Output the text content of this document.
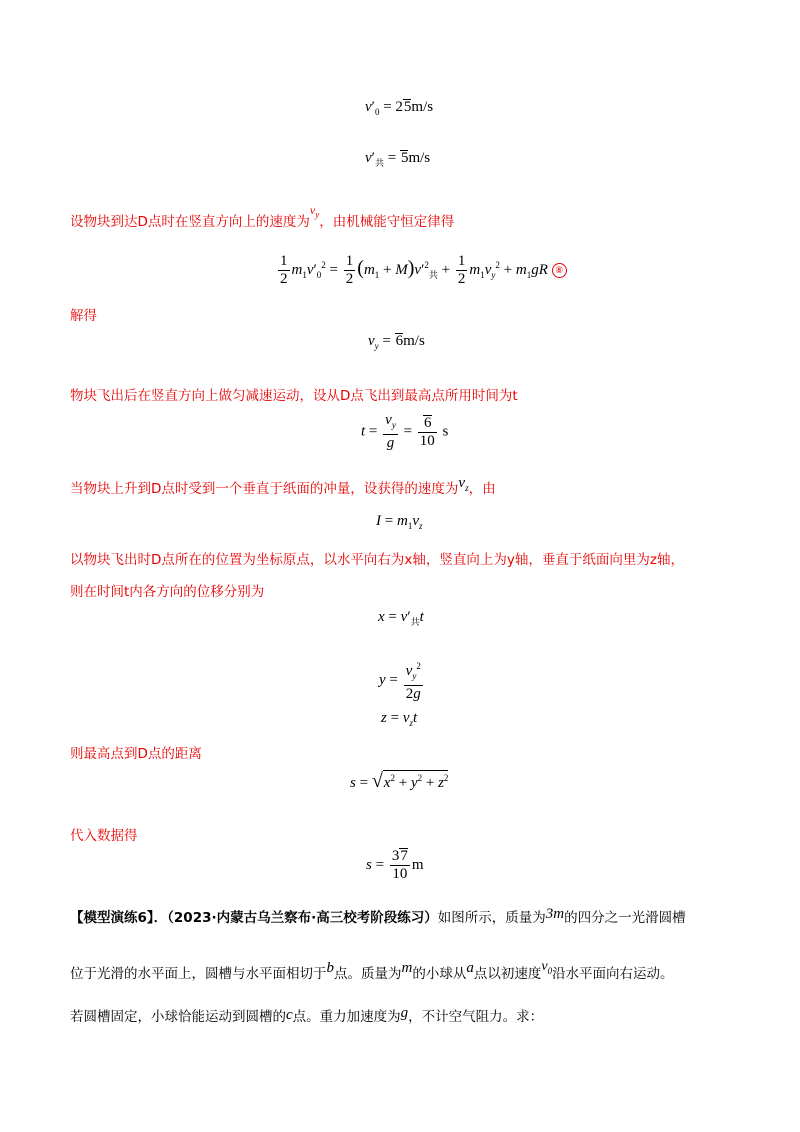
$v'_0 = 25m/s$
$v'_共 = 5m/s$
设物块到达D点时在竖直方向上的速度为$v_y$，由机械能守恒定律得
$\frac{1}{2} m_1v'_0^2 = \frac{1}{2} (m_1 + M)v'^2_共 + \frac{1}{2} m_1v_y^2 + m_1gR$ ⑧
解得
$v_y = 6m/s$
物块飞出后在竖直方向上做匀减速运动，设从D点飞出到最高点所用时间为t
$t = \frac{v_y}{g} = \frac{6}{10}$ s
当物块上升到D点时受到一个垂直于纸面的冲量，设获得的速度为$v_z$，由
$I = m_1v_z$
以物块飞出时D点所在的位置为坐标原点，以水平向右为x轴，竖直向上为y轴，垂直于纸面向里为z轴，
则在时间t内各方向的位移分别为
$x = v'_共t$
$y = \frac{v_y^2}{2g}$
$z = v_zt$
则最高点到D点的距离
$s = √x^2 + y^2 + z^2$
代入数据得
$s = \frac{37}{10}$ m
【模型演练6】．（2023·内蒙古乌兰察布·高三校考阶段练习）如图所示，质量为3m的四分之一光滑圆槽
位于光滑的水平面上，圆槽与水平面相切于b点。质量为m的小球从a点以初速度$v_0$沿水平面向右运动。
若圆槽固定，小球恰能运动到圆槽的c点。重力加速度为g，不计空气阻力。求：
